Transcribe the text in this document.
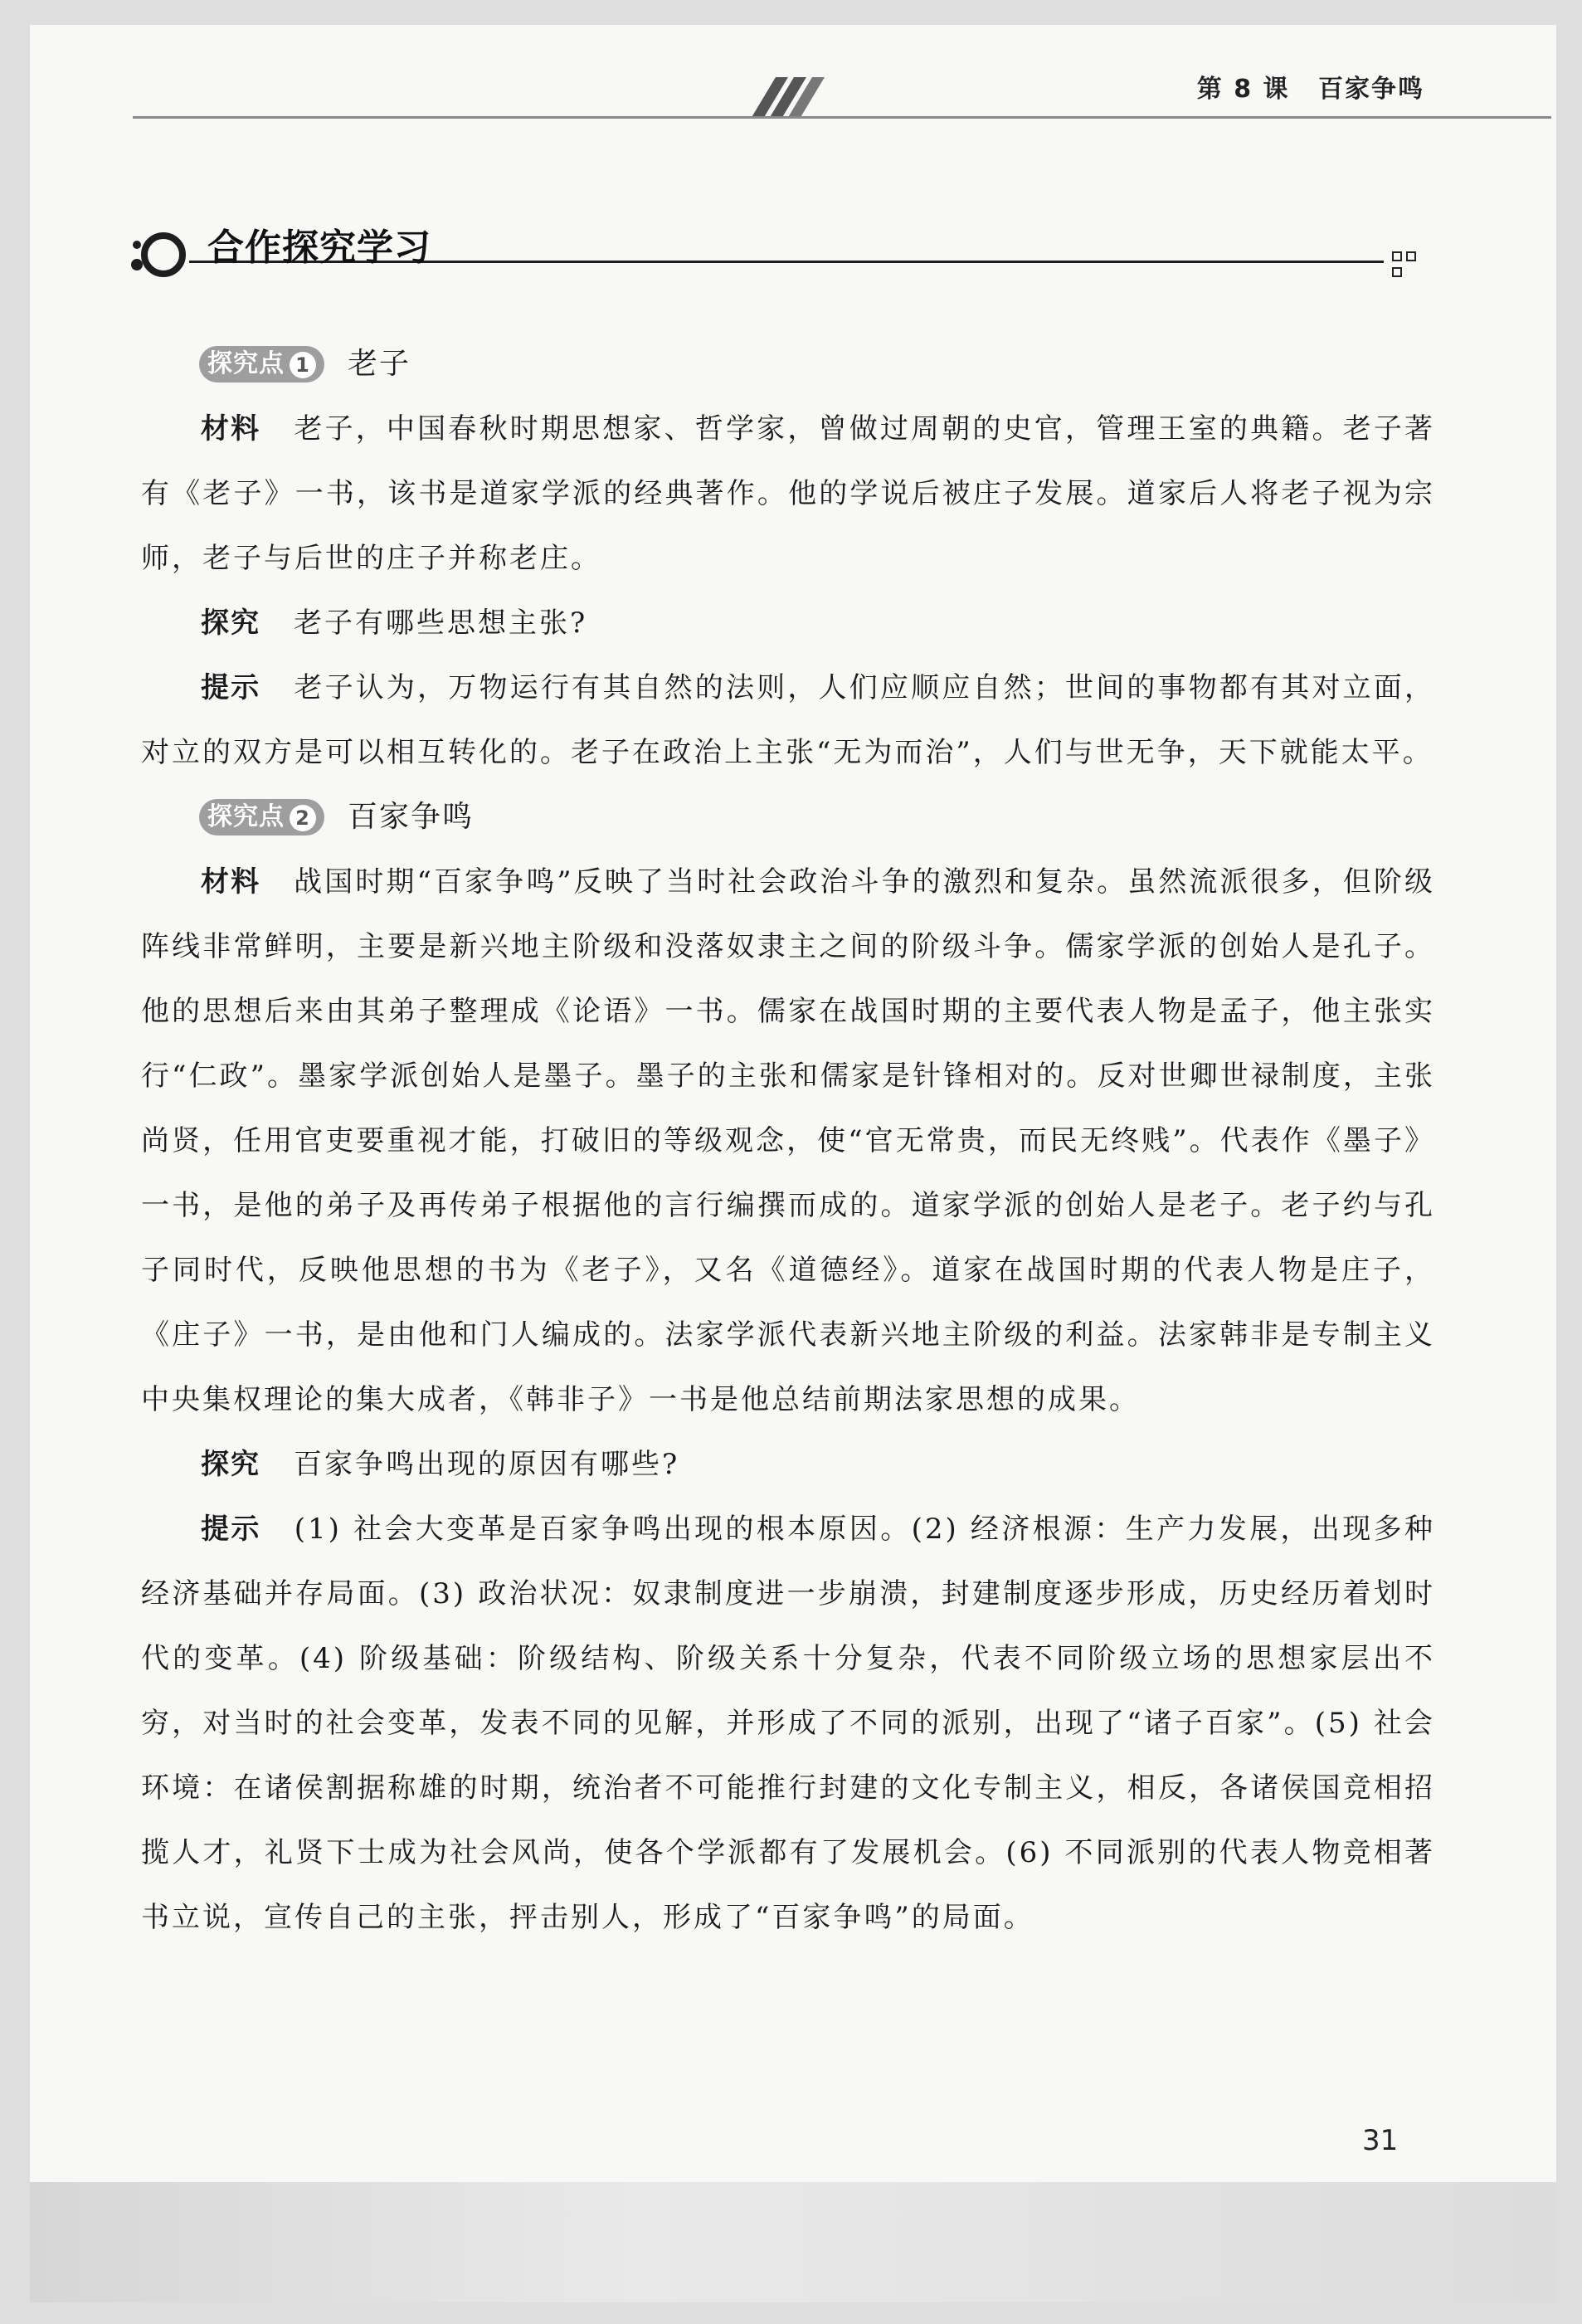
第 8 课 百家争鸣
合作探究学习
探究点 1	老子

材料 老子，中国春秋时期思想家、哲学家，曾做过周朝的史官，管理王室的典籍。老子著有《老子》一书，该书是道家学派的经典著作。他的学说后被庄子发展。道家后人将老子视为宗师，老子与后世的庄子并称老庄。

探究 老子有哪些思想主张?

提示 老子认为，万物运行有其自然的法则，人们应顺应自然；世间的事物都有其对立面，对立的双方是可以相互转化的。老子在政治上主张“无为而治”，人们与世无争，天下就能太平。

探究点 2	百家争鸣

材料 战国时期“百家争鸣”反映了当时社会政治斗争的激烈和复杂。虽然流派很多，但阶级阵线非常鲜明，主要是新兴地主阶级和没落奴隶主之间的阶级斗争。儒家学派的创始人是孔子。他的思想后来由其弟子整理成《论语》一书。儒家在战国时期的主要代表人物是孟子，他主张实行“仁政”。墨家学派创始人是墨子。墨子的主张和儒家是针锋相对的。反对世卿世禄制度，主张尚贤，任用官吏要重视才能，打破旧的等级观念，使“官无常贵，而民无终贱”。代表作《墨子》一书，是他的弟子及再传弟子根据他的言行编撰而成的。道家学派的创始人是老子。老子约与孔子同时代，反映他思想的书为《老子》，又名《道德经》。道家在战国时期的代表人物是庄子，《庄子》一书，是由他和门人编成的。法家学派代表新兴地主阶级的利益。法家韩非是专制主义中央集权理论的集大成者，《韩非子》一书是他总结前期法家思想的成果。

探究 百家争鸣出现的原因有哪些?

提示 (1) 社会大变革是百家争鸣出现的根本原因。(2) 经济根源：生产力发展，出现多种经济基础并存局面。(3) 政治状况：奴隶制度进一步崩溃，封建制度逐步形成，历史经历着划时代的变革。(4) 阶级基础：阶级结构、阶级关系十分复杂，代表不同阶级立场的思想家层出不穷，对当时的社会变革，发表不同的见解，并形成了不同的派别，出现了“诸子百家”。(5) 社会环境：在诸侯割据称雄的时期，统治者不可能推行封建的文化专制主义，相反，各诸侯国竞相招揽人才，礼贤下士成为社会风尚，使各个学派都有了发展机会。(6) 不同派别的代表人物竞相著书立说，宣传自己的主张，抨击别人，形成了“百家争鸣”的局面。

31
